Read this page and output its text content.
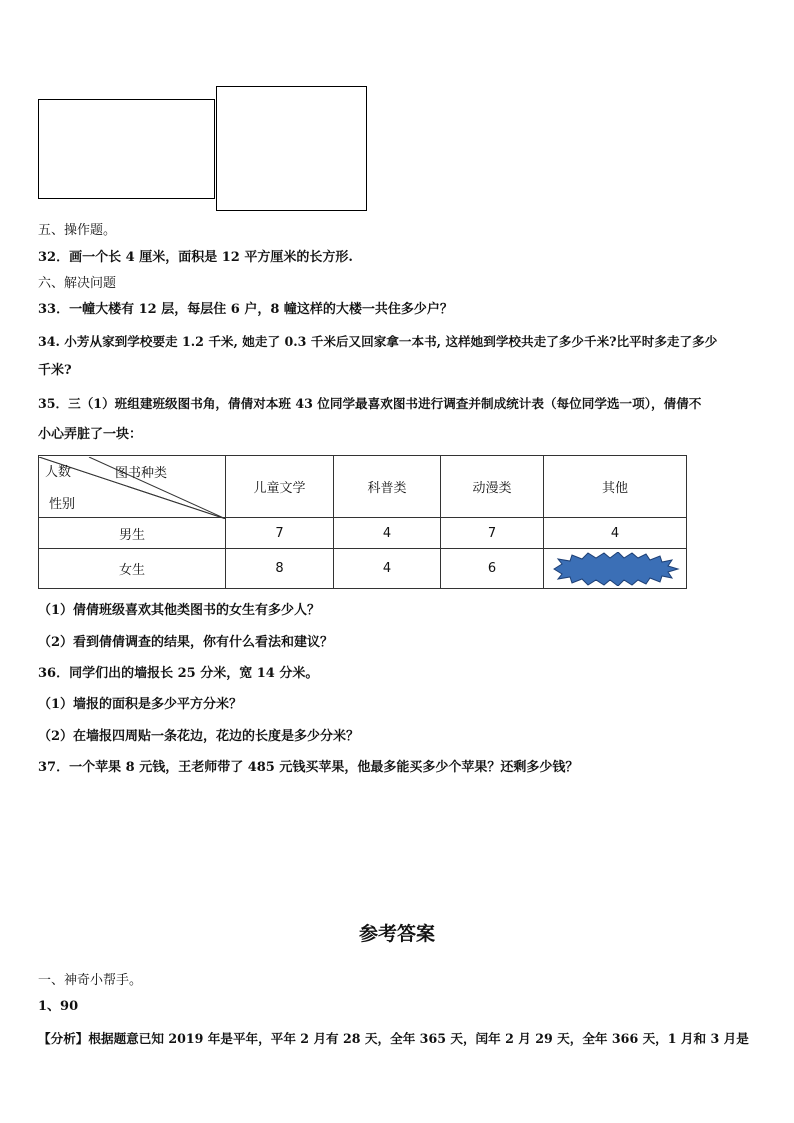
五、操作题。
32．画一个长 4 厘米，面积是 12 平方厘米的长方形.
六、解决问题
33．一幢大楼有 12 层，每层住 6 户，8 幢这样的大楼一共住多少户？
34. 小芳从家到学校要走 1.2 千米, 她走了 0.3 千米后又回家拿一本书, 这样她到学校共走了多少千米?比平时多走了多少
千米?
35．三（1）班组建班级图书角，倩倩对本班 43 位同学最喜欢图书进行调查并制成统计表（每位同学选一项），倩倩不
小心弄脏了一块：
人数 图书种类
性别	儿童文学	科普类	动漫类	其他
男生	7	4	7	4
女生	8	4	6	
（1）倩倩班级喜欢其他类图书的女生有多少人？
（2）看到倩倩调查的结果，你有什么看法和建议？
36．同学们出的墙报长 25 分米，宽 14 分米。
（1）墙报的面积是多少平方分米？
（2）在墙报四周贴一条花边，花边的长度是多少分米？
37．一个苹果 8 元钱，王老师带了 485 元钱买苹果，他最多能买多少个苹果？还剩多少钱？
参考答案
一、神奇小帮手。
1、90
【分析】根据题意已知 2019 年是平年，平年 2 月有 28 天，全年 365 天，闰年 2 月 29 天，全年 366 天，1 月和 3 月是
